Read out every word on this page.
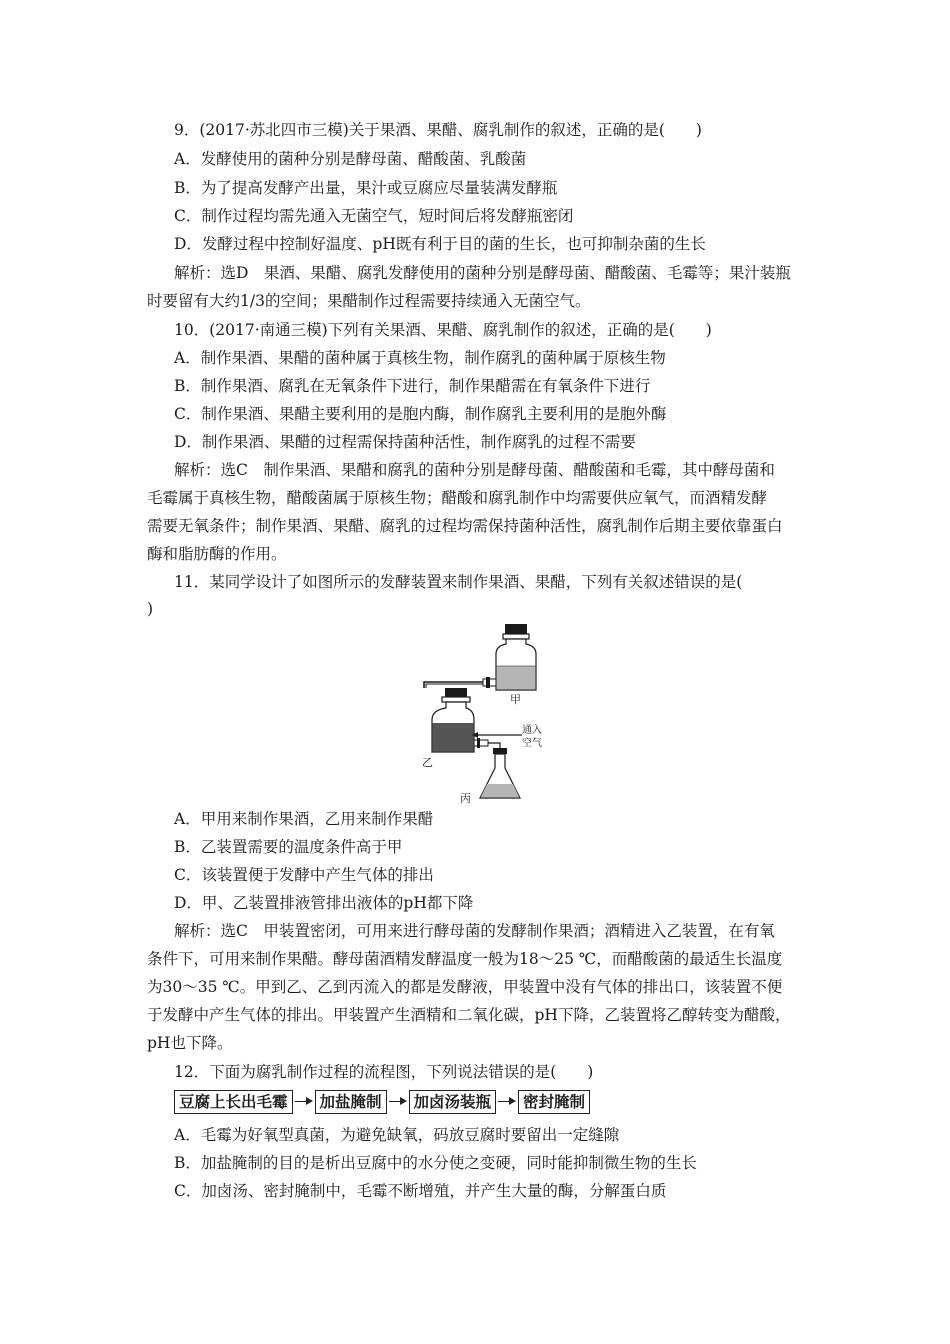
9．(2017·苏北四市三模)关于果酒、果醋、腐乳制作的叙述，正确的是(　　)
A．发酵使用的菌种分别是酵母菌、醋酸菌、乳酸菌
B．为了提高发酵产出量，果汁或豆腐应尽量装满发酵瓶
C．制作过程均需先通入无菌空气，短时间后将发酵瓶密闭
D．发酵过程中控制好温度、pH既有利于目的菌的生长，也可抑制杂菌的生长
解析：选D　果酒、果醋、腐乳发酵使用的菌种分别是酵母菌、醋酸菌、毛霉等；果汁装瓶
时要留有大约1/3的空间；果醋制作过程需要持续通入无菌空气。
10．(2017·南通三模)下列有关果酒、果醋、腐乳制作的叙述，正确的是(　　)
A．制作果酒、果醋的菌种属于真核生物，制作腐乳的菌种属于原核生物
B．制作果酒、腐乳在无氧条件下进行，制作果醋需在有氧条件下进行
C．制作果酒、果醋主要利用的是胞内酶，制作腐乳主要利用的是胞外酶
D．制作果酒、果醋的过程需保持菌种活性，制作腐乳的过程不需要
解析：选C　制作果酒、果醋和腐乳的菌种分别是酵母菌、醋酸菌和毛霉，其中酵母菌和
毛霉属于真核生物，醋酸菌属于原核生物；醋酸和腐乳制作中均需要供应氧气，而酒精发酵
需要无氧条件；制作果酒、果醋、腐乳的过程均需保持菌种活性，腐乳制作后期主要依靠蛋白
酶和脂肪酶的作用。
11．某同学设计了如图所示的发酵装置来制作果酒、果醋，下列有关叙述错误的是(
)
甲
乙
丙
通入
空气
A．甲用来制作果酒，乙用来制作果醋
B．乙装置需要的温度条件高于甲
C．该装置便于发酵中产生气体的排出
D．甲、乙装置排液管排出液体的pH都下降
解析：选C　甲装置密闭，可用来进行酵母菌的发酵制作果酒；酒精进入乙装置，在有氧
条件下，可用来制作果醋。酵母菌酒精发酵温度一般为18～25 ℃，而醋酸菌的最适生长温度
为30～35 ℃。甲到乙、乙到丙流入的都是发酵液，甲装置中没有气体的排出口，该装置不便
于发酵中产生气体的排出。甲装置产生酒精和二氧化碳，pH下降，乙装置将乙醇转变为醋酸，
pH也下降。
12．下面为腐乳制作过程的流程图，下列说法错误的是(　　)
豆腐上长出毛霉	加盐腌制	加卤汤装瓶	密封腌制
A．毛霉为好氧型真菌，为避免缺氧，码放豆腐时要留出一定缝隙
B．加盐腌制的目的是析出豆腐中的水分使之变硬，同时能抑制微生物的生长
C．加卤汤、密封腌制中，毛霉不断增殖，并产生大量的酶，分解蛋白质
